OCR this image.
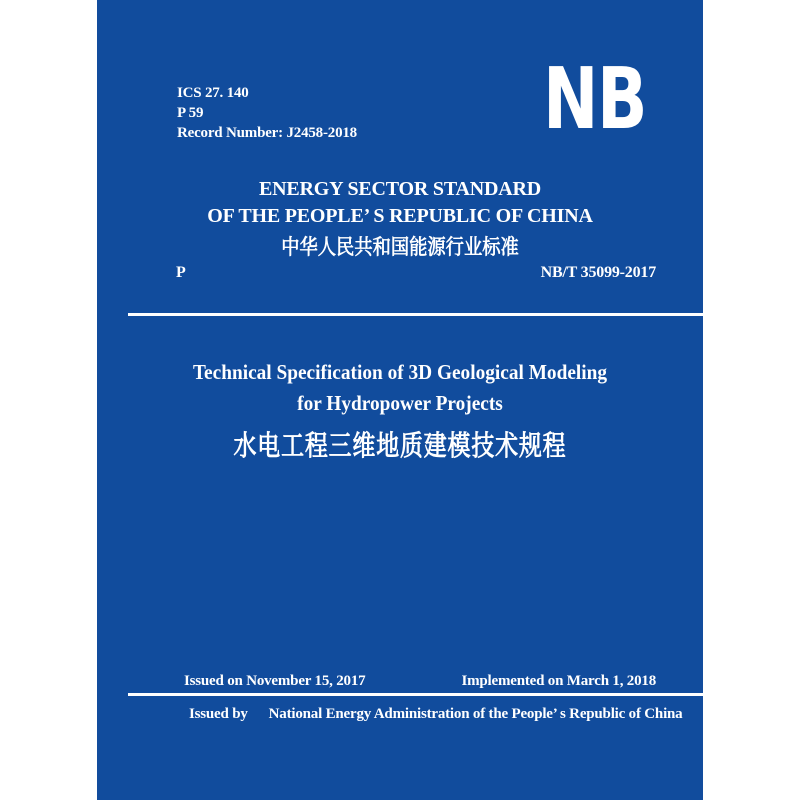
ICS 27. 140
P 59
Record Number: J2458-2018 NB
ENERGY SECTOR STANDARD
OF THE PEOPLE’ S REPUBLIC OF CHINA
中华人民共和国能源行业标准
P	NB/T 35099-2017
Technical Specification of 3D Geological Modeling
for Hydropower Projects
水电工程三维地质建模技术规程
Issued on November 15, 2017	Implemented on March 1, 2018
Issued by National Energy Administration of the People’ s Republic of China
